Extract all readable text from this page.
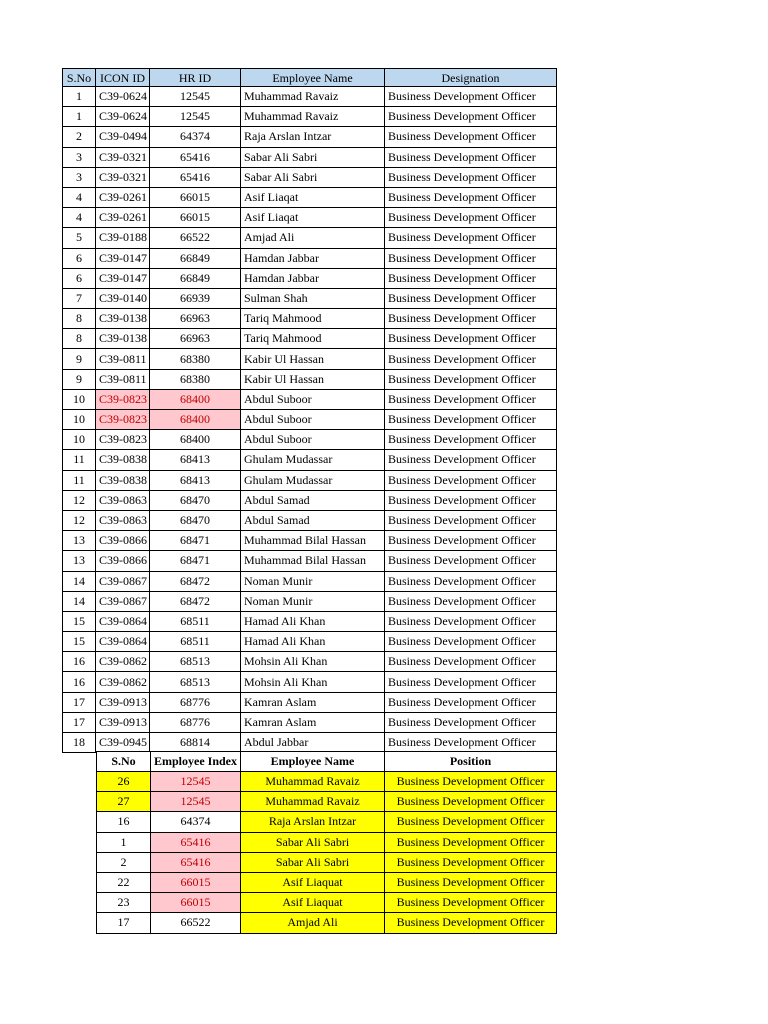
S.No	ICON ID	HR ID	Employee Name	Designation
1	C39-0624	12545	Muhammad Ravaiz	Business Development Officer
1	C39-0624	12545	Muhammad Ravaiz	Business Development Officer
2	C39-0494	64374	Raja Arslan Intzar	Business Development Officer
3	C39-0321	65416	Sabar Ali Sabri	Business Development Officer
3	C39-0321	65416	Sabar Ali Sabri	Business Development Officer
4	C39-0261	66015	Asif Liaqat	Business Development Officer
4	C39-0261	66015	Asif Liaqat	Business Development Officer
5	C39-0188	66522	Amjad Ali	Business Development Officer
6	C39-0147	66849	Hamdan Jabbar	Business Development Officer
6	C39-0147	66849	Hamdan Jabbar	Business Development Officer
7	C39-0140	66939	Sulman Shah	Business Development Officer
8	C39-0138	66963	Tariq Mahmood	Business Development Officer
8	C39-0138	66963	Tariq Mahmood	Business Development Officer
9	C39-0811	68380	Kabir Ul Hassan	Business Development Officer
9	C39-0811	68380	Kabir Ul Hassan	Business Development Officer
10	C39-0823	68400	Abdul Suboor	Business Development Officer
10	C39-0823	68400	Abdul Suboor	Business Development Officer
10	C39-0823	68400	Abdul Suboor	Business Development Officer
11	C39-0838	68413	Ghulam Mudassar	Business Development Officer
11	C39-0838	68413	Ghulam Mudassar	Business Development Officer
12	C39-0863	68470	Abdul Samad	Business Development Officer
12	C39-0863	68470	Abdul Samad	Business Development Officer
13	C39-0866	68471	Muhammad Bilal Hassan	Business Development Officer
13	C39-0866	68471	Muhammad Bilal Hassan	Business Development Officer
14	C39-0867	68472	Noman Munir	Business Development Officer
14	C39-0867	68472	Noman Munir	Business Development Officer
15	C39-0864	68511	Hamad Ali Khan	Business Development Officer
15	C39-0864	68511	Hamad Ali Khan	Business Development Officer
16	C39-0862	68513	Mohsin Ali Khan	Business Development Officer
16	C39-0862	68513	Mohsin Ali Khan	Business Development Officer
17	C39-0913	68776	Kamran Aslam	Business Development Officer
17	C39-0913	68776	Kamran Aslam	Business Development Officer
18	C39-0945	68814	Abdul Jabbar	Business Development Officer
S.No	Employee Index	Employee Name	Position
26	12545	Muhammad Ravaiz	Business Development Officer
27	12545	Muhammad Ravaiz	Business Development Officer
16	64374	Raja Arslan Intzar	Business Development Officer
1	65416	Sabar Ali Sabri	Business Development Officer
2	65416	Sabar Ali Sabri	Business Development Officer
22	66015	Asif Liaquat	Business Development Officer
23	66015	Asif Liaquat	Business Development Officer
17	66522	Amjad Ali	Business Development Officer
